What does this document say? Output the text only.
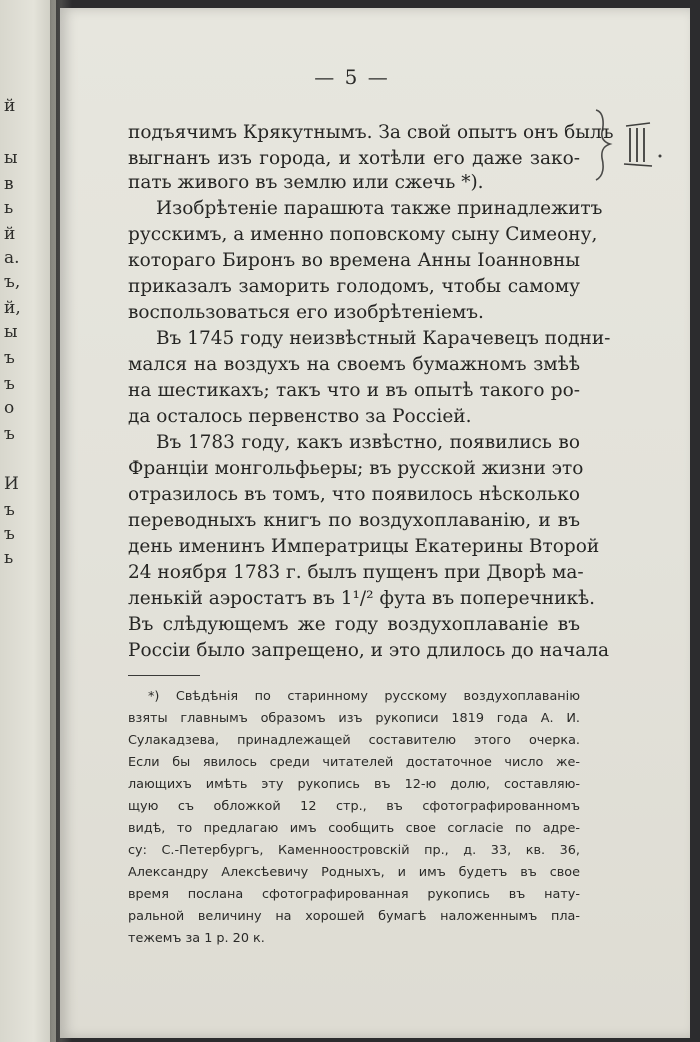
й
ы
в
ь
й
а.
ъ,
й,
ы
ъ
ъ
о
ъ
И
ъ
ъ
ь
— 5 —
подъячимъ Крякутнымъ. За свой опытъ онъ былъ
выгнанъ изъ города, и хотѣли его даже зако-
пать живого въ землю или сжечь *).
Изобрѣтеніе парашюта также принадлежитъ
русскимъ, а именно поповскому сыну Симеону,
котораго Биронъ во времена Анны Іоанновны
приказалъ заморить голодомъ, чтобы самому
воспользоваться его изобрѣтеніемъ.
Въ 1745 году неизвѣстный Карачевецъ подни-
мался на воздухъ на своемъ бумажномъ змѣѣ
на шестикахъ; такъ что и въ опытѣ такого ро-
да осталось первенство за Россіей.
Въ 1783 году, какъ извѣстно, появились во
Франціи монгольфьеры; въ русской жизни это
отразилось въ томъ, что появилось нѣсколько
переводныхъ книгъ по воздухоплаванію, и въ
день именинъ Императрицы Екатерины Второй
24 ноября 1783 г. былъ пущенъ при Дворѣ ма-
ленькій аэростатъ въ 1¹/² фута въ поперечникѣ.
Въ слѣдующемъ же году воздухоплаваніе въ
Россіи было запрещено, и это длилось до начала
*) Свѣдѣнія по старинному русскому воздухоплаванію
взяты главнымъ образомъ изъ рукописи 1819 года А. И.
Сулакадзева, принадлежащей составителю этого очерка.
Если бы явилось среди читателей достаточное число же-
лающихъ имѣть эту рукопись въ 12-ю долю, составляю-
щую съ обложкой 12 стр., въ сфотографированномъ
видѣ, то предлагаю имъ сообщить свое согласіе по адре-
су: С.-Петербургъ, Каменноостровскій пр., д. 33, кв. 36,
Александру Алексѣевичу Родныхъ, и имъ будетъ въ свое
время послана сфотографированная рукопись въ нату-
ральной величину на хорошей бумагѣ наложеннымъ пла-
тежемъ за 1 р. 20 к.
